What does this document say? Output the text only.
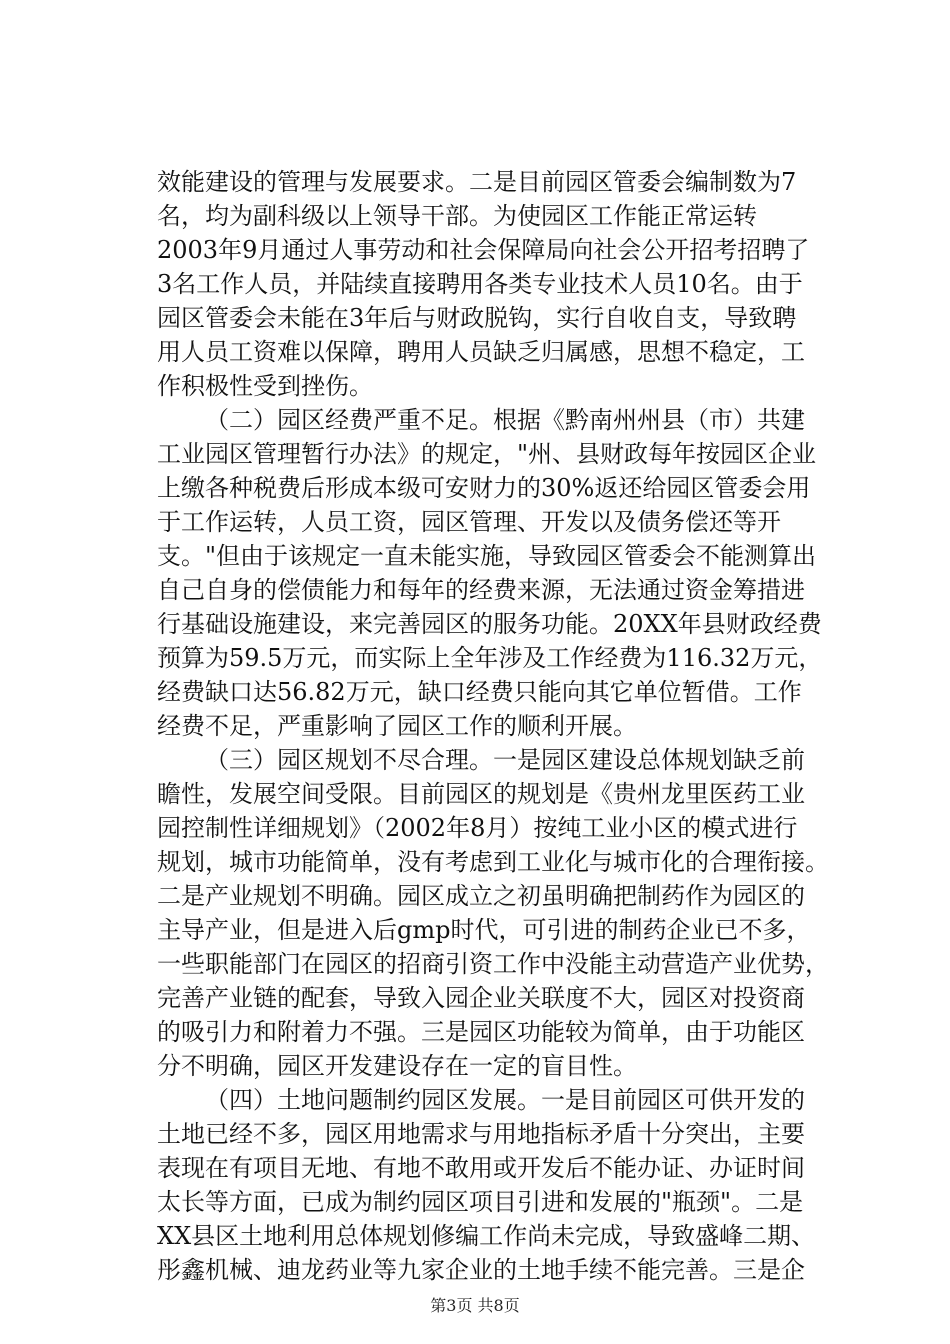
效能建设的管理与发展要求。二是目前园区管委会编制数为7
名，均为副科级以上领导干部。为使园区工作能正常运转
2003年9月通过人事劳动和社会保障局向社会公开招考招聘了
3名工作人员，并陆续直接聘用各类专业技术人员10名。由于
园区管委会未能在3年后与财政脱钩，实行自收自支，导致聘
用人员工资难以保障，聘用人员缺乏归属感，思想不稳定，工
作积极性受到挫伤。
（二）园区经费严重不足。根据《黔南州州县（市）共建
工业园区管理暂行办法》的规定，"州、县财政每年按园区企业
上缴各种税费后形成本级可安财力的30%返还给园区管委会用
于工作运转，人员工资，园区管理、开发以及债务偿还等开
支。"但由于该规定一直未能实施，导致园区管委会不能测算出
自己自身的偿债能力和每年的经费来源，无法通过资金筹措进
行基础设施建设，来完善园区的服务功能。20XX年县财政经费
预算为59.5万元，而实际上全年涉及工作经费为116.32万元，
经费缺口达56.82万元，缺口经费只能向其它单位暂借。工作
经费不足，严重影响了园区工作的顺利开展。
（三）园区规划不尽合理。一是园区建设总体规划缺乏前
瞻性，发展空间受限。目前园区的规划是《贵州龙里医药工业
园控制性详细规划》（2002年8月）按纯工业小区的模式进行
规划，城市功能简单，没有考虑到工业化与城市化的合理衔接。
二是产业规划不明确。园区成立之初虽明确把制药作为园区的
主导产业，但是进入后gmp时代，可引进的制药企业已不多，
一些职能部门在园区的招商引资工作中没能主动营造产业优势，
完善产业链的配套，导致入园企业关联度不大，园区对投资商
的吸引力和附着力不强。三是园区功能较为简单，由于功能区
分不明确，园区开发建设存在一定的盲目性。
（四）土地问题制约园区发展。一是目前园区可供开发的
土地已经不多，园区用地需求与用地指标矛盾十分突出，主要
表现在有项目无地、有地不敢用或开发后不能办证、办证时间
太长等方面，已成为制约园区项目引进和发展的"瓶颈"。二是
XX县区土地利用总体规划修编工作尚未完成，导致盛峰二期、
彤鑫机械、迪龙药业等九家企业的土地手续不能完善。三是企
第3页 共8页
